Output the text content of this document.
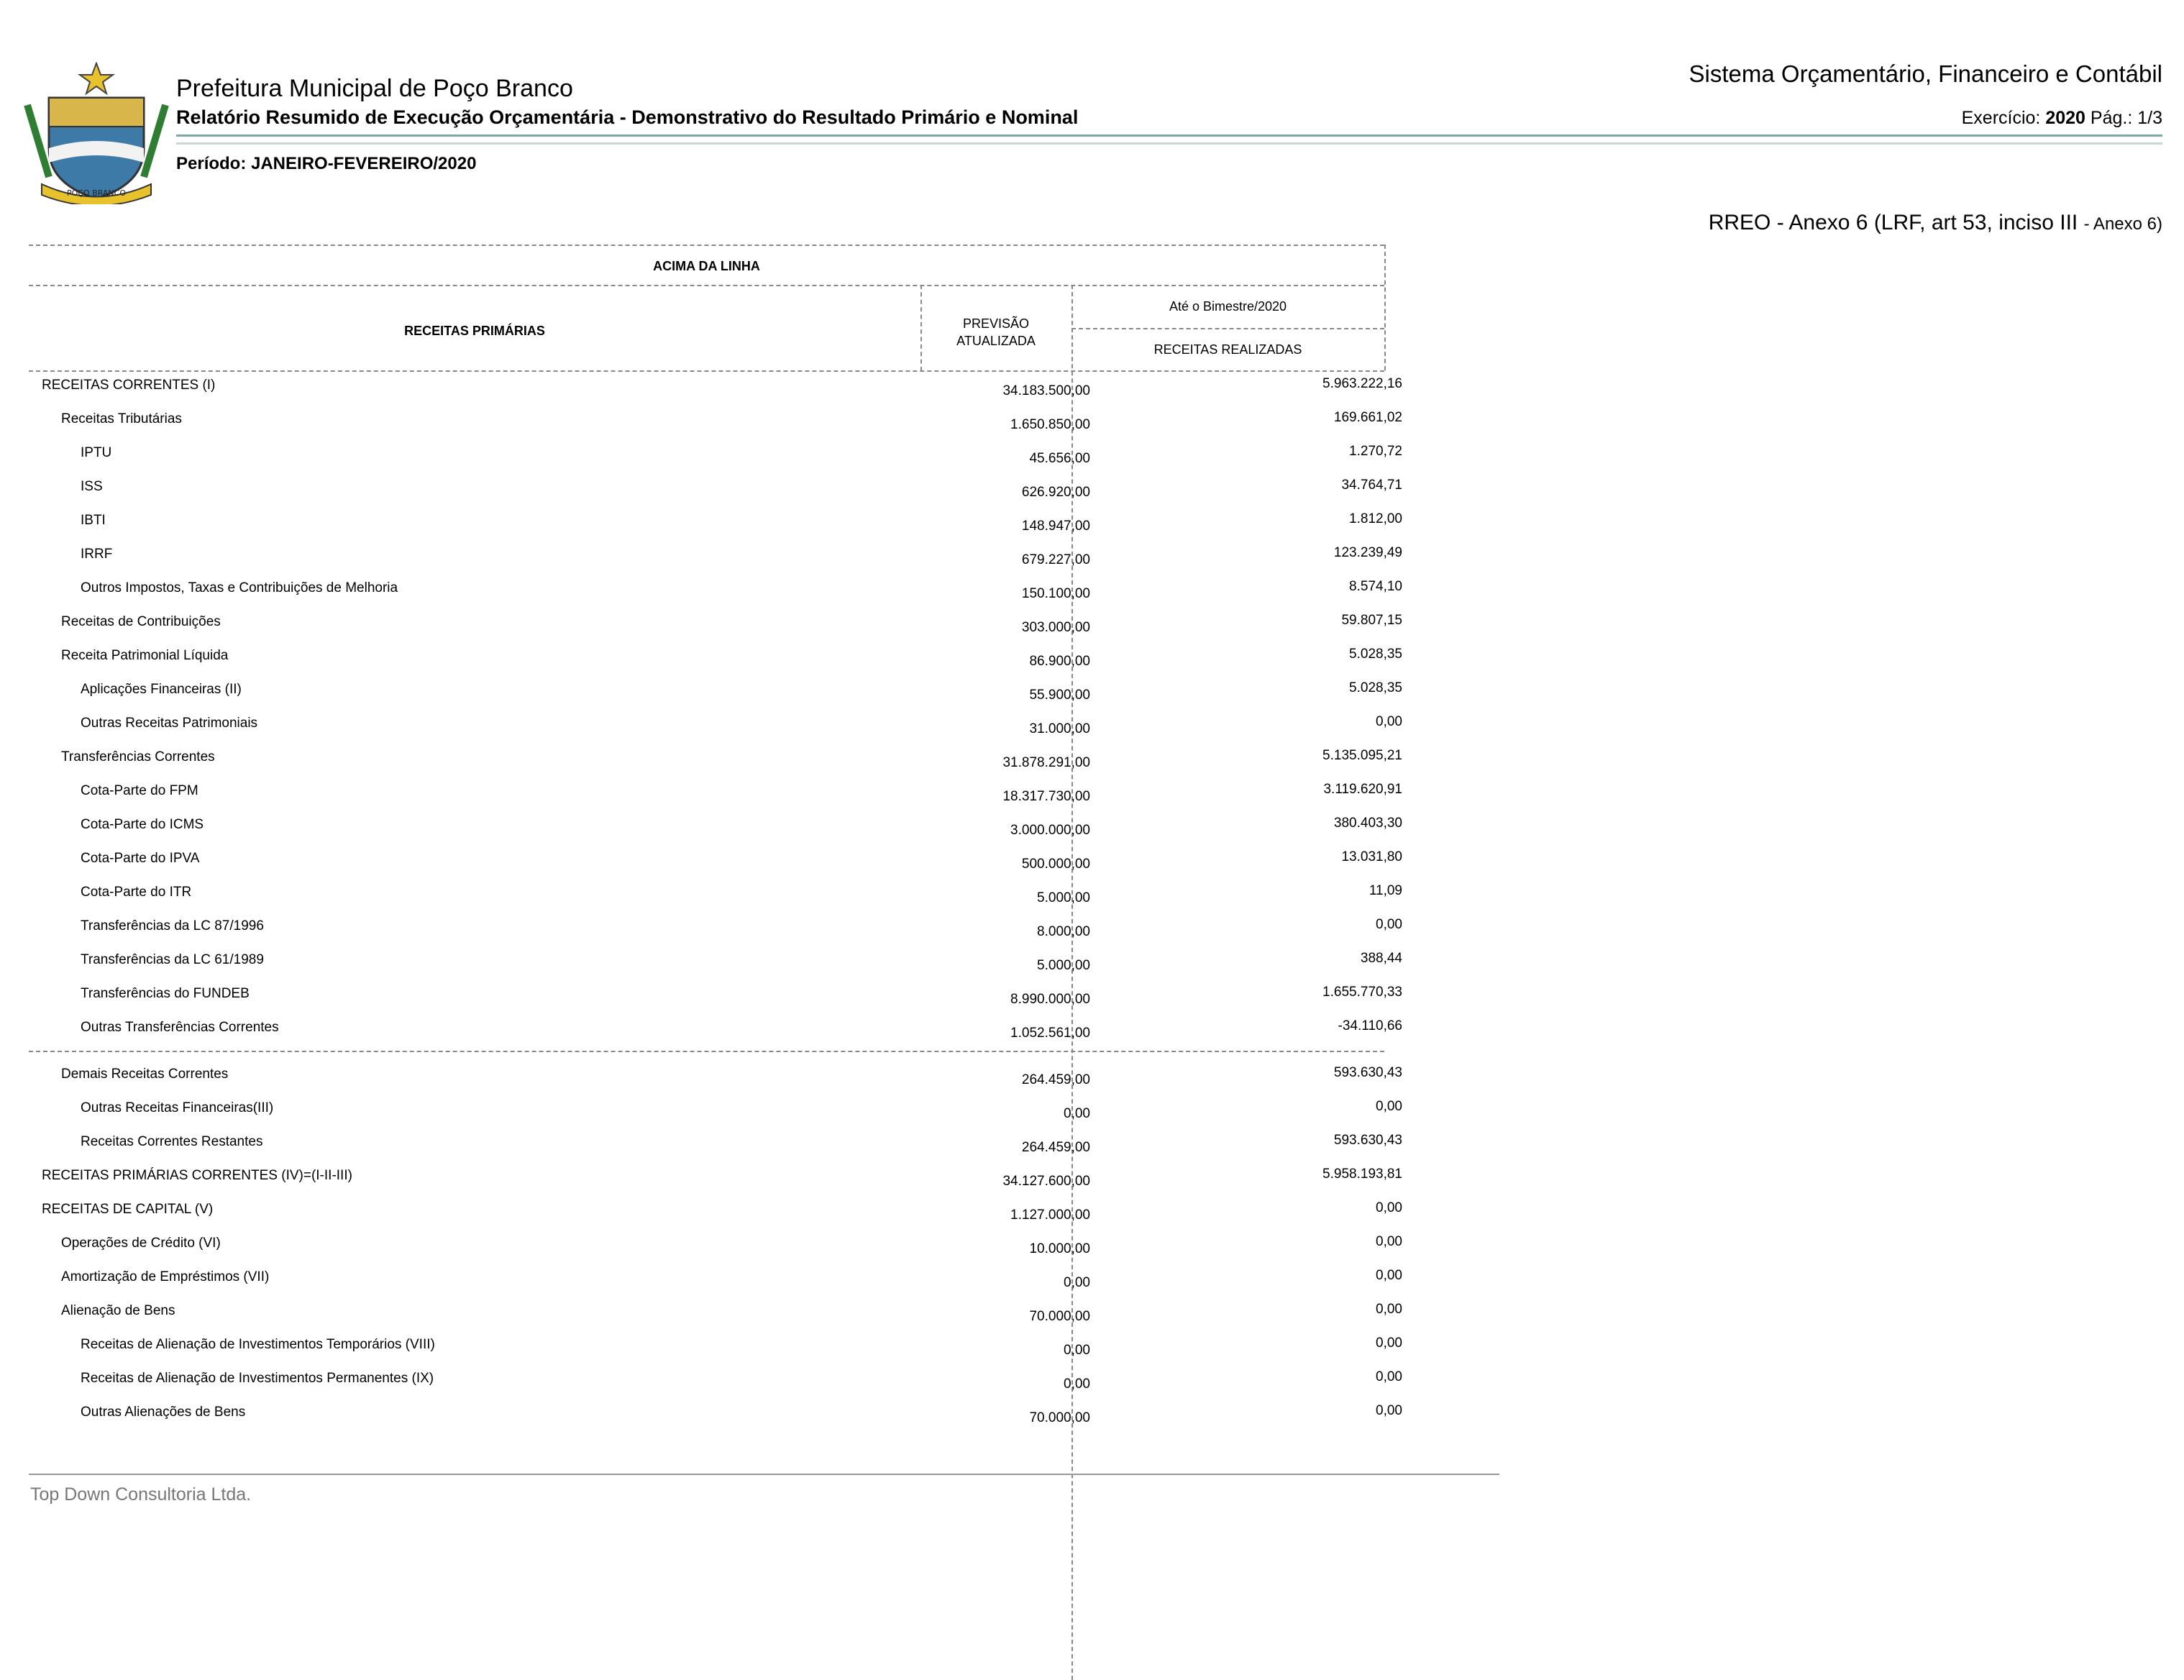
POÇO BRANCO
Prefeitura Municipal de Poço Branco
Relatório Resumido de Execução Orçamentária - Demonstrativo do Resultado Primário e Nominal
Período: JANEIRO-FEVEREIRO/2020
Sistema Orçamentário, Financeiro e Contábil
Exercício: 2020 Pág.: 1/3
RREO - Anexo 6 (LRF, art 53, inciso III - Anexo 6)
ACIMA DA LINHA
RECEITAS PRIMÁRIAS	PREVISÃO
ATUALIZADA
Até o Bimestre/2020
RECEITAS REALIZADAS
RECEITAS CORRENTES (I)	34.183.500,00	5.963.222,16
Receitas Tributárias	1.650.850,00	169.661,02
IPTU	45.656,00	1.270,72
ISS	626.920,00	34.764,71
IBTI	148.947,00	1.812,00
IRRF	679.227,00	123.239,49
Outros Impostos, Taxas e Contribuições de Melhoria	150.100,00	8.574,10
Receitas de Contribuições	303.000,00	59.807,15
Receita Patrimonial Líquida	86.900,00	5.028,35
Aplicações Financeiras (II)	55.900,00	5.028,35
Outras Receitas Patrimoniais	31.000,00	0,00
Transferências Correntes	31.878.291,00	5.135.095,21
Cota-Parte do FPM	18.317.730,00	3.119.620,91
Cota-Parte do ICMS	3.000.000,00	380.403,30
Cota-Parte do IPVA	500.000,00	13.031,80
Cota-Parte do ITR	5.000,00	11,09
Transferências da LC 87/1996	8.000,00	0,00
Transferências da LC 61/1989	5.000,00	388,44
Transferências do FUNDEB	8.990.000,00	1.655.770,33
Outras Transferências Correntes	1.052.561,00	-34.110,66
Demais Receitas Correntes	264.459,00	593.630,43
Outras Receitas Financeiras(III)	0,00	0,00
Receitas Correntes Restantes	264.459,00	593.630,43
RECEITAS PRIMÁRIAS CORRENTES (IV)=(I-II-III)	34.127.600,00	5.958.193,81
RECEITAS DE CAPITAL (V)	1.127.000,00	0,00
Operações de Crédito (VI)	10.000,00	0,00
Amortização de Empréstimos (VII)	0,00	0,00
Alienação de Bens	70.000,00	0,00
Receitas de Alienação de Investimentos Temporários (VIII)	0,00	0,00
Receitas de Alienação de Investimentos Permanentes (IX)	0,00	0,00
Outras Alienações de Bens	70.000,00	0,00
Top Down Consultoria Ltda.
